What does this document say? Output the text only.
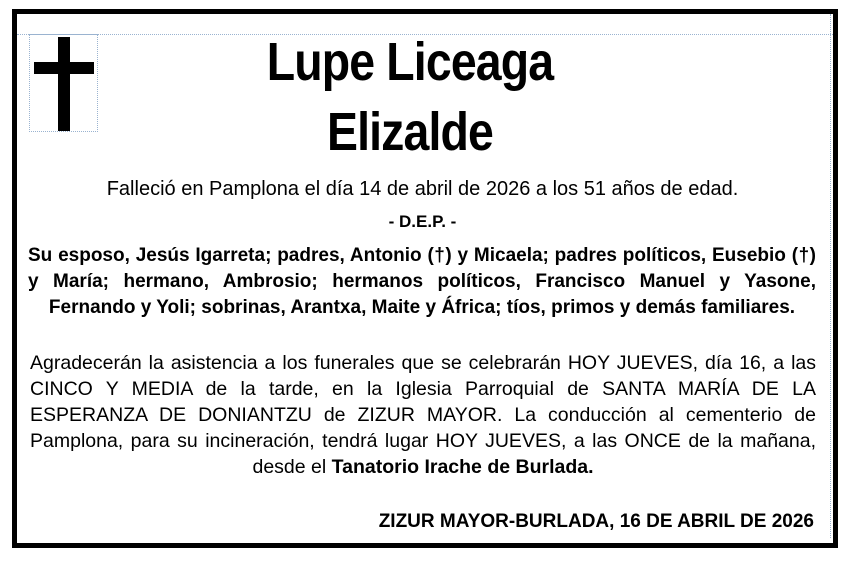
Lupe Liceaga
Elizalde
Falleció en Pamplona el día 14 de abril de 2026 a los 51 años de edad.
- D.E.P. -
Su esposo, Jesús Igarreta; padres, Antonio (†) y Micaela; padres políticos, Eusebio (†) y María; hermano, Ambrosio; hermanos políticos, Francisco Manuel y Yasone, Fernando y Yoli; sobrinas, Arantxa, Maite y África; tíos, primos y demás familiares.
Agradecerán la asistencia a los funerales que se celebrarán HOY JUEVES, día 16, a las CINCO Y MEDIA de la tarde, en la Iglesia Parroquial de SANTA MARÍA DE LA ESPERANZA DE DONIANTZU de ZIZUR MAYOR. La conducción al cementerio de Pamplona, para su incineración, tendrá lugar HOY JUEVES, a las ONCE de la mañana, desde el Tanatorio Irache de Burlada.
ZIZUR MAYOR-BURLADA, 16 DE ABRIL DE 2026
